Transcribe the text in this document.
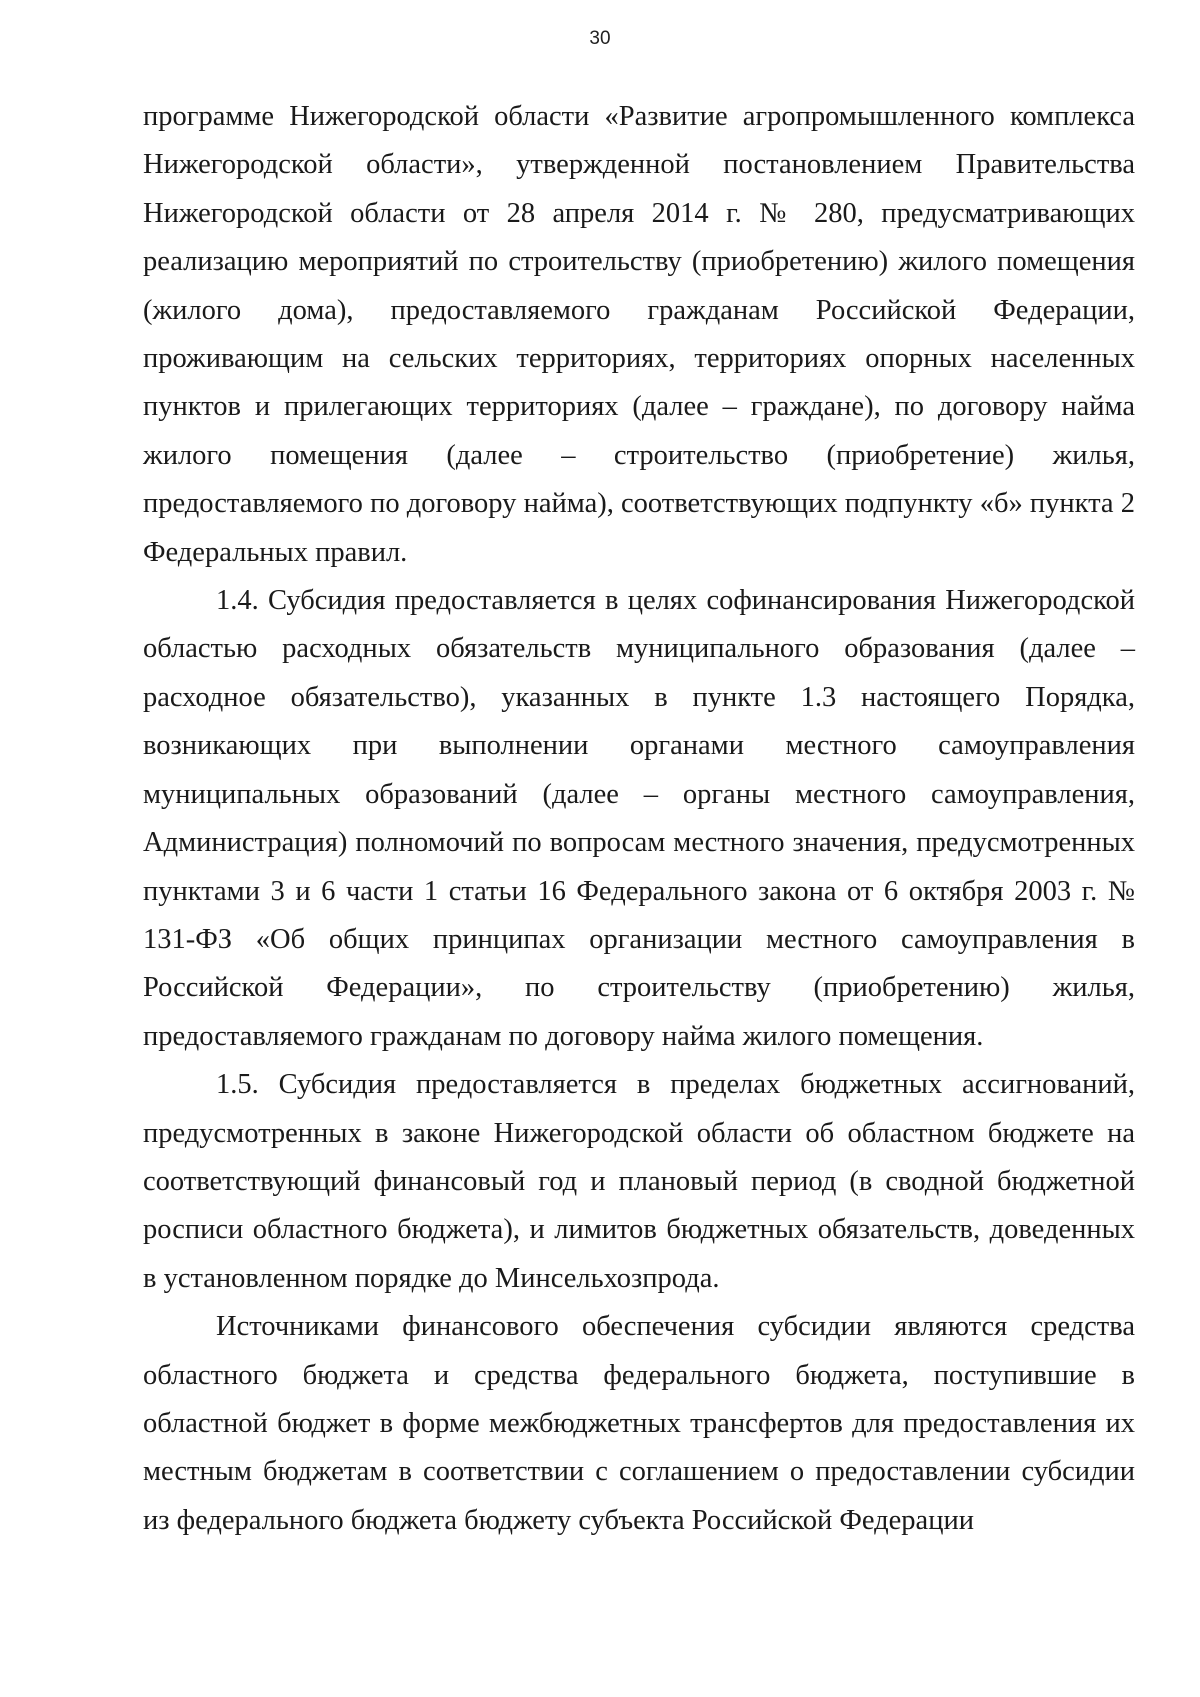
30

программе Нижегородской области «Развитие агропромышленного комплекса Нижегородской области», утвержденной постановлением Правительства Нижегородской области от 28 апреля 2014 г. № 280, предусматривающих реализацию мероприятий по строительству (приобретению) жилого помещения (жилого дома), предоставляемого гражданам Российской Федерации, проживающим на сельских территориях, территориях опорных населенных пунктов и прилегающих территориях (далее – граждане), по договору найма жилого помещения (далее – строительство (приобретение) жилья, предоставляемого по договору найма), соответствующих подпункту «б» пункта 2 Федеральных правил.

1.4. Субсидия предоставляется в целях софинансирования Нижегородской областью расходных обязательств муниципального образования (далее – расходное обязательство), указанных в пункте 1.3 настоящего Порядка, возникающих при выполнении органами местного самоуправления муниципальных образований (далее – органы местного самоуправления, Администрация) полномочий по вопросам местного значения, предусмотренных пунктами 3 и 6 части 1 статьи 16 Федерального закона от 6 октября 2003 г. № 131-ФЗ «Об общих принципах организации местного самоуправления в Российской Федерации», по строительству (приобретению) жилья, предоставляемого гражданам по договору найма жилого помещения.

1.5. Субсидия предоставляется в пределах бюджетных ассигнований, предусмотренных в законе Нижегородской области об областном бюджете на соответствующий финансовый год и плановый период (в сводной бюджетной росписи областного бюджета), и лимитов бюджетных обязательств, доведенных в установленном порядке до Минсельхозпрода.

Источниками финансового обеспечения субсидии являются средства областного бюджета и средства федерального бюджета, поступившие в областной бюджет в форме межбюджетных трансфертов для предоставления их местным бюджетам в соответствии с соглашением о предоставлении субсидии из федерального бюджета бюджету субъекта Российской Федерации
